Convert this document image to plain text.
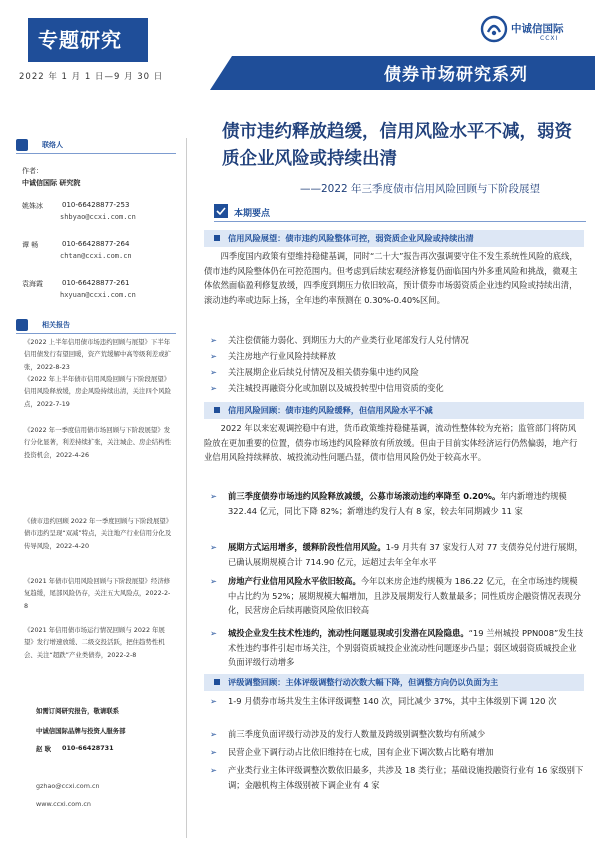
专题研究
2022 年 1 月 1 日—9 月 30 日
中诚信国际
CCXI
债券市场研究系列
联络人
作者：
中诚信国际 研究院
姚姝冰	010-66428877-253
shbyao@ccxi.com.cn
谭 畅	010-66428877-264
chtan@ccxi.com.cn
袁海霞	010-66428877-261
hxyuan@ccxi.com.cn
相关报告
《2022 上半年信用债市场违约回顾与展望》下半年信用债发行有望回暖，资产荒缓解中高等级利差或扩张，2022-8-23
《2022 年上半年债市信用风险回顾与下阶段展望》信用风险释放缓，房企风险持续出清，关注四个风险点，2022-7-19
《2022 年一季度信用债市场回顾与下阶段展望》发行分化显著，利差持续扩张，关注城企、房企结构性投资机会，2022-4-26
《债市违约回顾 2022 年一季度回顾与下阶段展望》债市违约呈现“双减”特点，关注地产行业信用分化及传导风险，2022-4-20
《2021 年债市信用风险回顾与下阶段展望》经济修复趋缓，尾部风险仍存，关注五大风险点，2022-2-8
《2021 年信用债市场运行情况回顾与 2022 年展望》发行增速放缓、二级交投活跃，把住趋势性机会、关注“超跌”产业类债券，2022-2-8
如需订阅研究报告，敬请联系
中诚信国际品牌与投资人服务部
赵 耿 010-66428731
gzhao@ccxi.com.cn
www.ccxi.com.cn
债市违约释放趋缓，信用风险水平不减，弱资质企业风险或持续出清
——2022 年三季度债市信用风险回顾与下阶段展望
本期要点
信用风险展望：债市违约风险整体可控，弱资质企业风险或持续出清
四季度国内政策有望维持稳健基调，同时“二十大”报告再次强调要守住不发生系统性风险的底线，债市违约风险整体仍在可控范围内。但考虑到后续宏观经济修复仍面临国内外多重风险和挑战，微观主体依然面临盈利修复放缓，四季度到期压力依旧较高，预计债券市场弱资质企业违约风险或持续出清，滚动违约率或边际上扬，全年违约率预测在 0.30%-0.40%区间。
➢ 关注偿债能力弱化、到期压力大的产业类行业尾部发行人兑付情况
➢ 关注房地产行业风险持续释放
➢ 关注展期企业后续兑付情况及相关债券集中违约风险
➢ 关注城投再融资分化或加剧以及城投转型中信用资质的变化
信用风险回顾：债市违约风险缓释，但信用风险水平不减
2022 年以来宏观调控稳中有进，货币政策维持稳健基调，流动性整体较为充裕；监管部门将防风险放在更加重要的位置，债券市场违约风险释放有所放缓。但由于目前实体经济运行仍然偏弱，地产行业信用风险持续释放、城投流动性问题凸显，债市信用风险仍处于较高水平。
➢ 前三季度债券市场违约风险释放减缓，公募市场滚动违约率降至 0.20%。年内新增违约规模 322.44 亿元，同比下降 82%；新增违约发行人有 8 家，较去年同期减少 11 家
➢ 展期方式运用增多，缓释阶段性信用风险。1-9 月共有 37 家发行人对 77 支债券兑付进行展期，已确认展期规模合计 714.90 亿元，远超过去年全年水平
➢ 房地产行业信用风险水平依旧较高。今年以来房企违约规模为 186.22 亿元，在全市场违约规模中占比约为 52%；展期规模大幅增加，且涉及展期发行人数量最多；同性质房企融资情况表现分化，民营房企后续再融资风险依旧较高
➢ 城投企业发生技术性违约，流动性问题显现或引发潜在风险隐患。“19 兰州城投 PPN008”发生技术性违约事件引起市场关注，个别弱资质城投企业流动性问题逐步凸显；弱区域弱资质城投企业负面评级行动增多
评级调整回顾：主体评级调整行动次数大幅下降，但调整方向仍以负面为主
➢ 1-9 月债券市场共发生主体评级调整 140 次，同比减少 37%，其中主体级别下调 120 次
➢ 前三季度负面评级行动涉及的发行人数量及跨级别调整次数均有所减少
➢ 民营企业下调行动占比依旧维持在七成，国有企业下调次数占比略有增加
➢ 产业类行业主体评级调整次数依旧最多，共涉及 18 类行业；基础设施投融资行业有 16 家级别下调；金融机构主体级别被下调企业有 4 家
